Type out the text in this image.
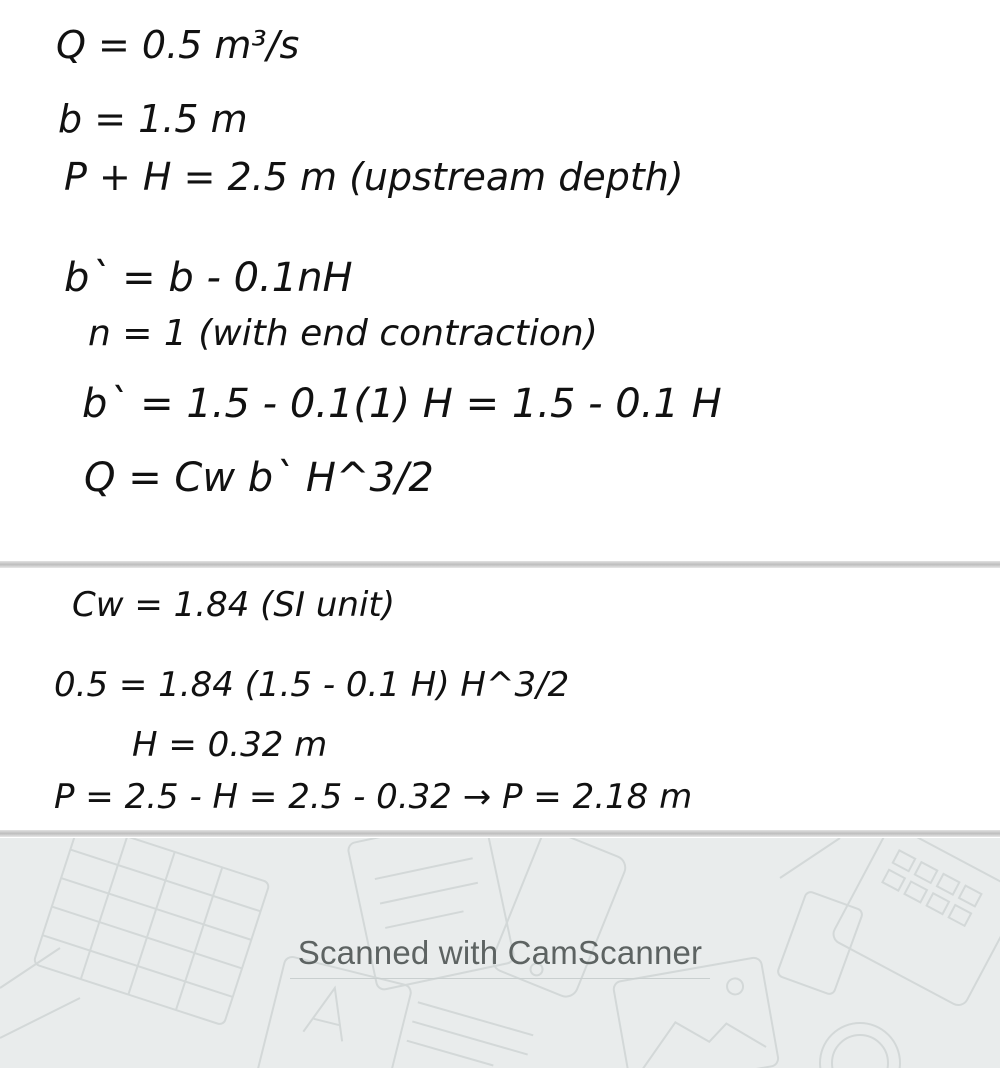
Q = 0.5 m³/s
b = 1.5 m
P + H = 2.5 m (upstream depth)
b` = b - 0.1nH
n = 1 (with end contraction)
b` = 1.5 - 0.1(1) H = 1.5 - 0.1 H
Q = Cw b` H^3/2
Cw = 1.84 (SI unit)
0.5 = 1.84 (1.5 - 0.1 H) H^3/2
H = 0.32 m
P = 2.5 - H = 2.5 - 0.32 → P = 2.18 m
Scanned with CamScanner
